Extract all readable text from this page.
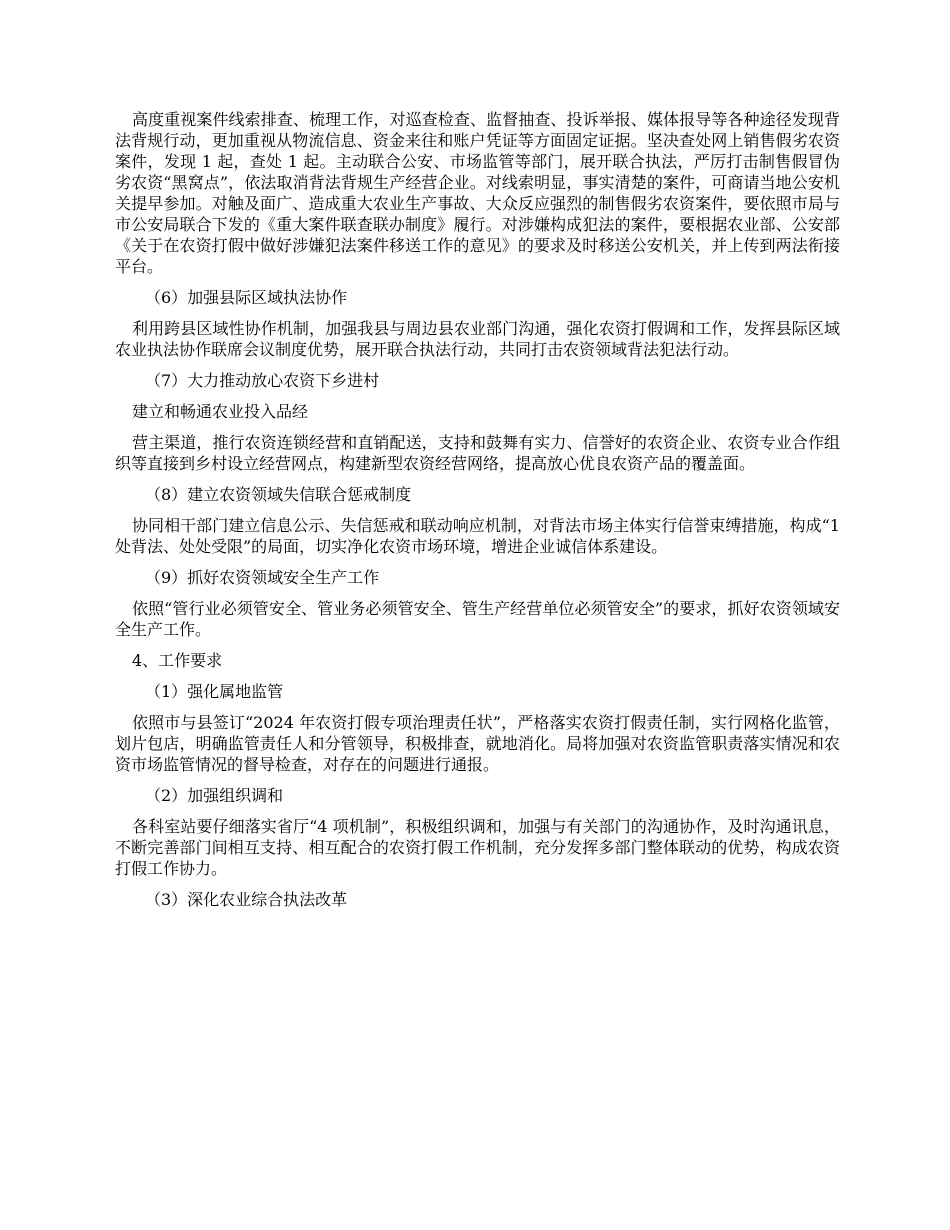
高度重视案件线索排查、梳理工作，对巡查检查、监督抽查、投诉举报、媒体报导等各种途径发现背法背规行动，更加重视从物流信息、资金来往和账户凭证等方面固定证据。坚决查处网上销售假劣农资案件，发现 1 起，查处 1 起。主动联合公安、市场监管等部门，展开联合执法，严厉打击制售假冒伪劣农资“黑窝点”，依法取消背法背规生产经营企业。对线索明显，事实清楚的案件，可商请当地公安机关提早参加。对触及面广、造成重大农业生产事故、大众反应强烈的制售假劣农资案件，要依照市局与市公安局联合下发的《重大案件联查联办制度》履行。对涉嫌构成犯法的案件，要根据农业部、公安部《关于在农资打假中做好涉嫌犯法案件移送工作的意见》的要求及时移送公安机关，并上传到两法衔接平台。

（6）加强县际区域执法协作

利用跨县区域性协作机制，加强我县与周边县农业部门沟通，强化农资打假调和工作，发挥县际区域农业执法协作联席会议制度优势，展开联合执法行动，共同打击农资领域背法犯法行动。

（7）大力推动放心农资下乡进村

建立和畅通农业投入品经

营主渠道，推行农资连锁经营和直销配送，支持和鼓舞有实力、信誉好的农资企业、农资专业合作组织等直接到乡村设立经营网点，构建新型农资经营网络，提高放心优良农资产品的覆盖面。

（8）建立农资领域失信联合惩戒制度

协同相干部门建立信息公示、失信惩戒和联动响应机制，对背法市场主体实行信誉束缚措施，构成“1 处背法、处处受限”的局面，切实净化农资市场环境，增进企业诚信体系建设。

（9）抓好农资领域安全生产工作

依照“管行业必须管安全、管业务必须管安全、管生产经营单位必须管安全”的要求，抓好农资领域安全生产工作。

4、工作要求

（1）强化属地监管

依照市与县签订“2024 年农资打假专项治理责任状”，严格落实农资打假责任制，实行网格化监管，划片包店，明确监管责任人和分管领导，积极排查，就地消化。局将加强对农资监管职责落实情况和农资市场监管情况的督导检查，对存在的问题进行通报。

（2）加强组织调和

各科室站要仔细落实省厅“4 项机制”，积极组织调和，加强与有关部门的沟通协作，及时沟通讯息，不断完善部门间相互支持、相互配合的农资打假工作机制，充分发挥多部门整体联动的优势，构成农资打假工作协力。

（3）深化农业综合执法改革
